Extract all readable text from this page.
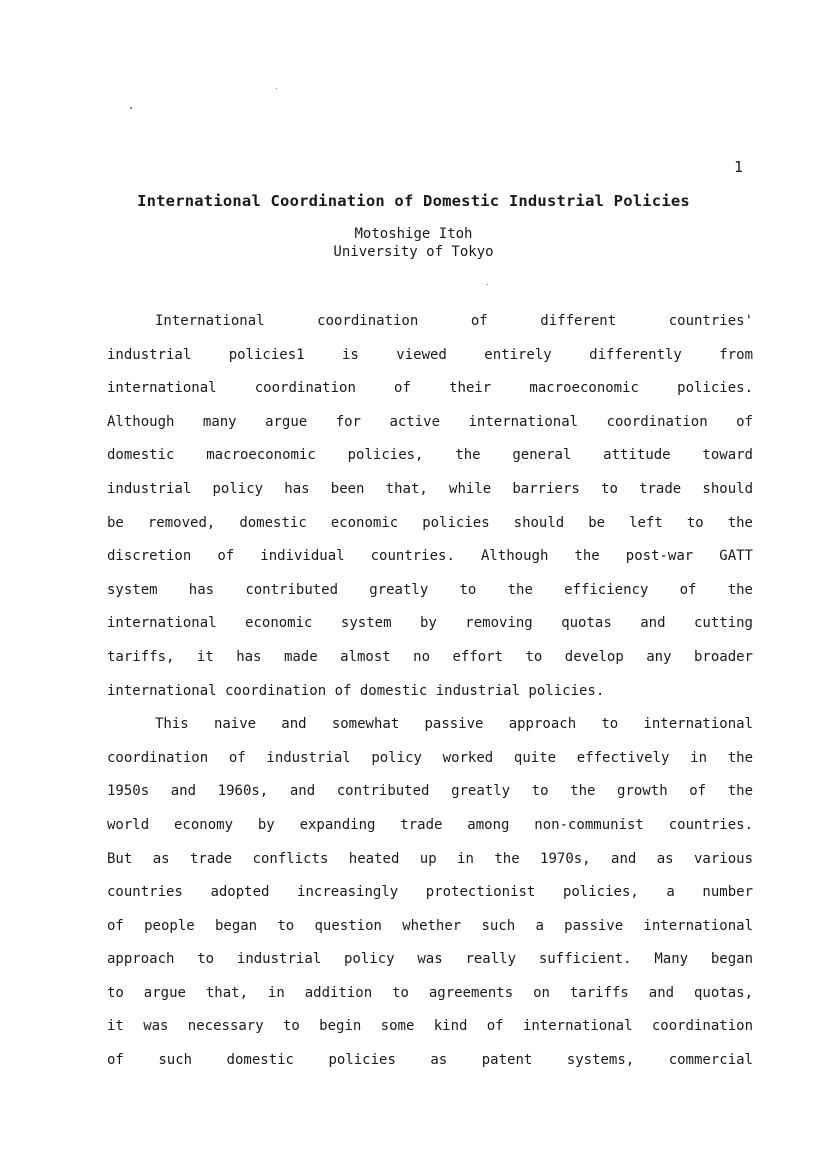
1
International Coordination of Domestic Industrial Policies
Motoshige Itoh
University of Tokyo
International coordination of different countries'
industrial policies1 is viewed entirely differently from
international coordination of their macroeconomic policies.
Although many argue for active international coordination of
domestic macroeconomic policies, the general attitude toward
industrial policy has been that, while barriers to trade should
be removed, domestic economic policies should be left to the
discretion of individual countries. Although the post-war GATT
system has contributed greatly to the efficiency of the
international economic system by removing quotas and cutting
tariffs, it has made almost no effort to develop any broader
international coordination of domestic industrial policies.
This naive and somewhat passive approach to international
coordination of industrial policy worked quite effectively in the
1950s and 1960s, and contributed greatly to the growth of the
world economy by expanding trade among non-communist countries.
But as trade conflicts heated up in the 1970s, and as various
countries adopted increasingly protectionist policies, a number
of people began to question whether such a passive international
approach to industrial policy was really sufficient. Many began
to argue that, in addition to agreements on tariffs and quotas,
it was necessary to begin some kind of international coordination
of such domestic policies as patent systems, commercial
